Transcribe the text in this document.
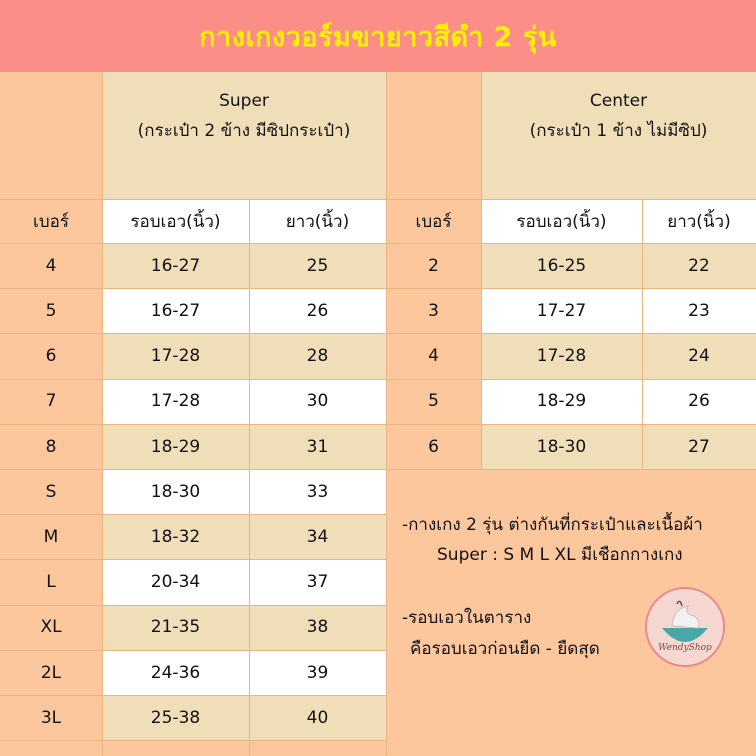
กางเกงวอร์มขายาวสีดำ 2 รุ่น
Super
(กระเป๋า 2 ข้าง มีซิปกระเป๋า)
Center
(กระเป๋า 1 ข้าง ไม่มีซิป)
เบอร์	รอบเอว(นิ้ว)	ยาว(นิ้ว)
4	16-27	25
5	16-27	26
6	17-28	28
7	17-28	30
8	18-29	31
S	18-30	33
M	18-32	34
L	20-34	37
XL	21-35	38
2L	24-36	39
3L	25-38	40
เบอร์	รอบเอว(นิ้ว)	ยาว(นิ้ว)
2	16-25	22
3	17-27	23
4	17-28	24
5	18-29	26
6	18-30	27
-กางเกง 2 รุ่น ต่างกันที่กระเป๋าและเนื้อผ้า
Super : S M L XL มีเชือกกางเกง
-รอบเอวในตาราง
คือรอบเอวก่อนยืด - ยืดสุด	WendyShop
